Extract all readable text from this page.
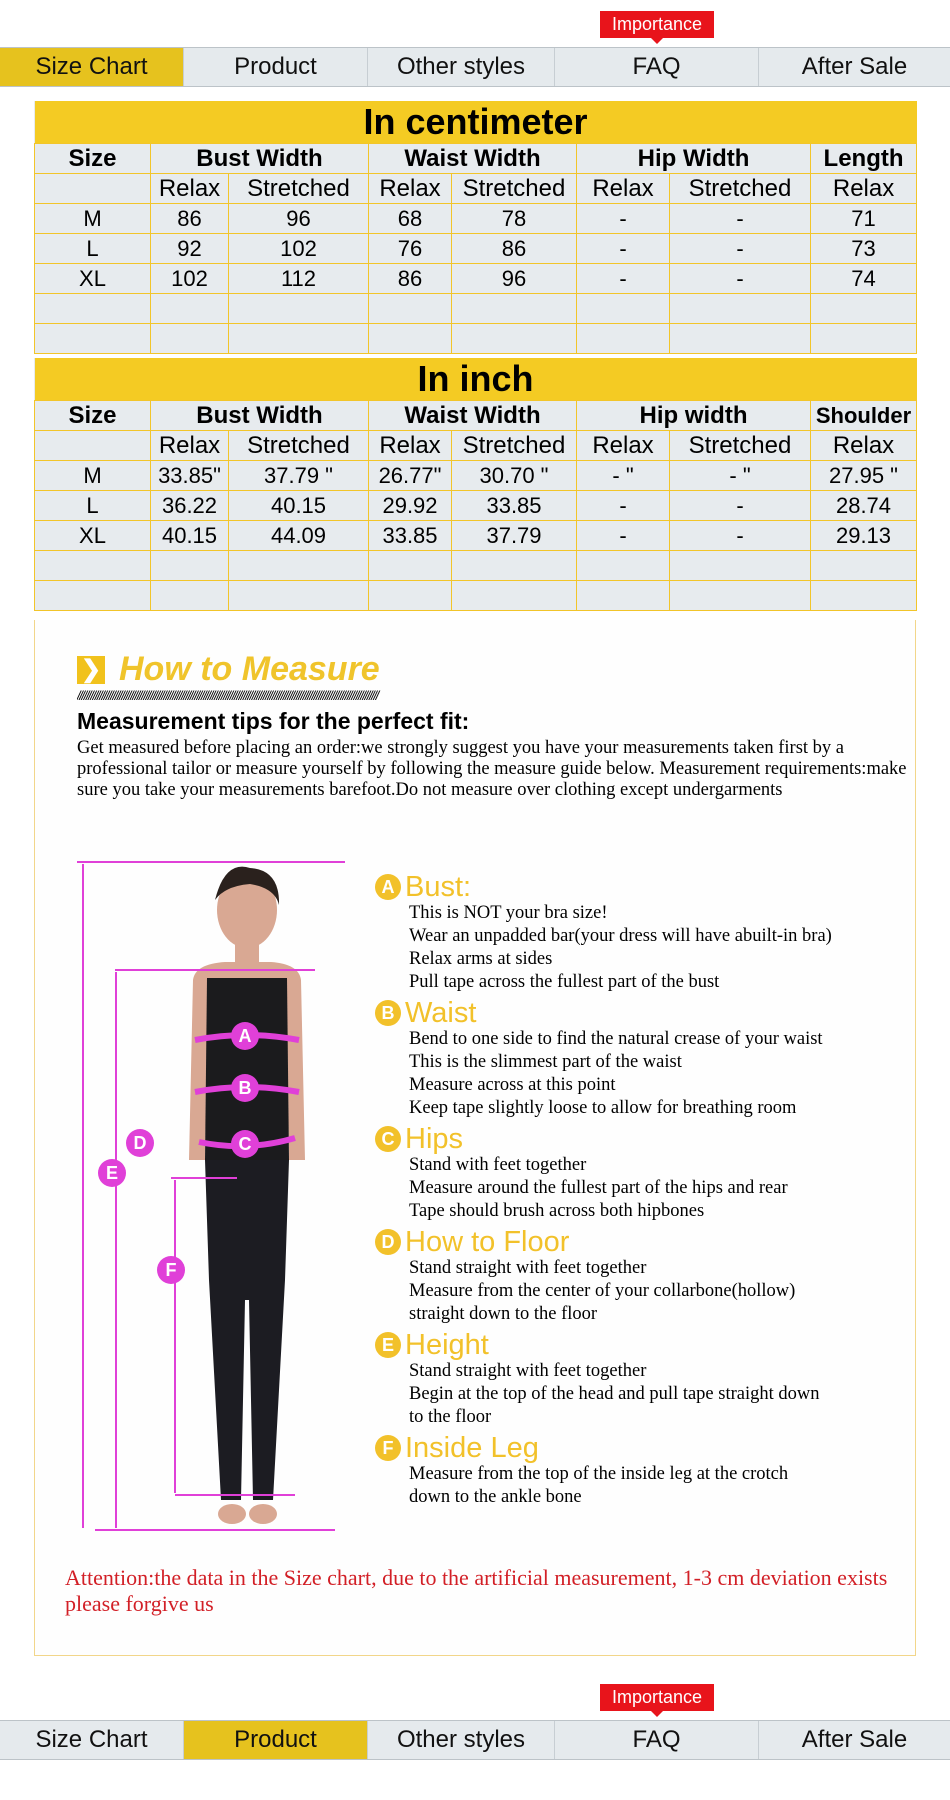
Importance
Size Chart	Product	Other styles	FAQ	After Sale
In centimeter							
Size	Bust Width		Waist Width		Hip Width		Length
	Relax	Stretched	Relax	Stretched	Relax	Stretched	Relax
M	86	96	68	78	-	-	71
L	92	102	76	86	-	-	73
XL	102	112	86	96	-	-	74

In inch							
Size	Bust Width		Waist Width		Hip width		Shoulder
	Relax	Stretched	Relax	Stretched	Relax	Stretched	Relax
M	33.85"	37.79 "	26.77"	30.70 "	- "	- "	27.95 "
L	36.22	40.15	29.92	33.85	-	-	28.74
XL	40.15	44.09	33.85	37.79	-	-	29.13

❯ How to Measure
////////////////////////////////////////////////////////////////////////////////////////////////////////////////////////////////////////
Measurement tips for the perfect fit:
Get measured before placing an order:we strongly suggest you have your measurements taken first by a professional tailor or measure yourself by following the measure guide below. Measurement requirements:make sure you take your measurements barefoot.Do not measure over clothing except undergarments
A
B
C
D
E
F
A Bust:
This is NOT your bra size!
Wear an unpadded bar(your dress will have abuilt-in bra)
Relax arms at sides
Pull tape across the fullest part of the bust
B Waist
Bend to one side to find the natural crease of your waist
This is the slimmest part of the waist
Measure across at this point
Keep tape slightly loose to allow for breathing room
C Hips
Stand with feet together
Measure around the fullest part of the hips and rear
Tape should brush across both hipbones
D How to Floor
Stand straight with feet together
Measure from the center of your collarbone(hollow)
straight down to the floor
E Height
Stand straight with feet together
Begin at the top of the head and pull tape straight down
to the floor
F Inside Leg
Measure from the top of the inside leg at the crotch
down to the ankle bone
Attention:the data in the Size chart, due to the artificial measurement, 1-3 cm deviation exists please forgive us
Importance
Size Chart	Product	Other styles	FAQ	After Sale
